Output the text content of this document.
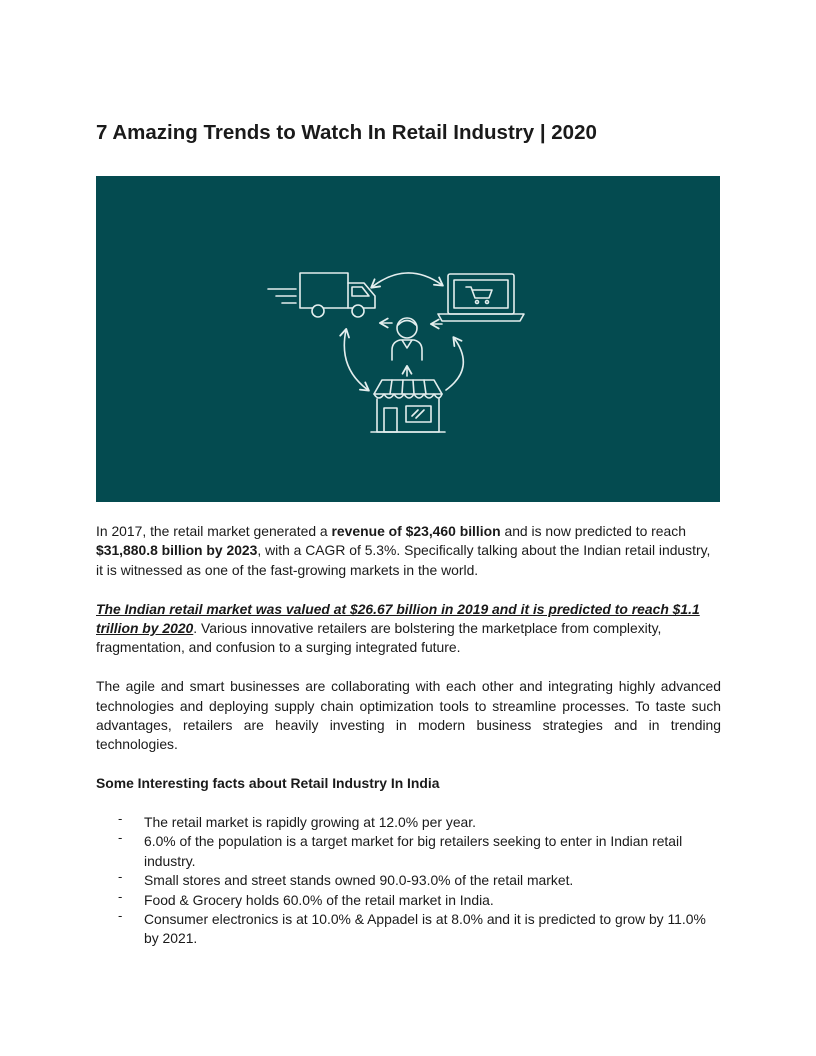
7 Amazing Trends to Watch In Retail Industry | 2020

In 2017, the retail market generated a revenue of $23,460 billion and is now predicted to reach $31,880.8 billion by 2023, with a CAGR of 5.3%. Specifically talking about the Indian retail industry, it is witnessed as one of the fast-growing markets in the world.

The Indian retail market was valued at $26.67 billion in 2019 and it is predicted to reach $1.1 trillion by 2020. Various innovative retailers are bolstering the marketplace from complexity, fragmentation, and confusion to a surging integrated future.

The agile and smart businesses are collaborating with each other and integrating highly advanced technologies and deploying supply chain optimization tools to streamline processes. To taste such advantages, retailers are heavily investing in modern business strategies and in trending technologies.

Some Interesting facts about Retail Industry In India

- The retail market is rapidly growing at 12.0% per year.
- 6.0% of the population is a target market for big retailers seeking to enter in Indian retail industry.
- Small stores and street stands owned 90.0-93.0% of the retail market.
- Food & Grocery holds 60.0% of the retail market in India.
- Consumer electronics is at 10.0% & Appadel is at 8.0% and it is predicted to grow by 11.0% by 2021.
